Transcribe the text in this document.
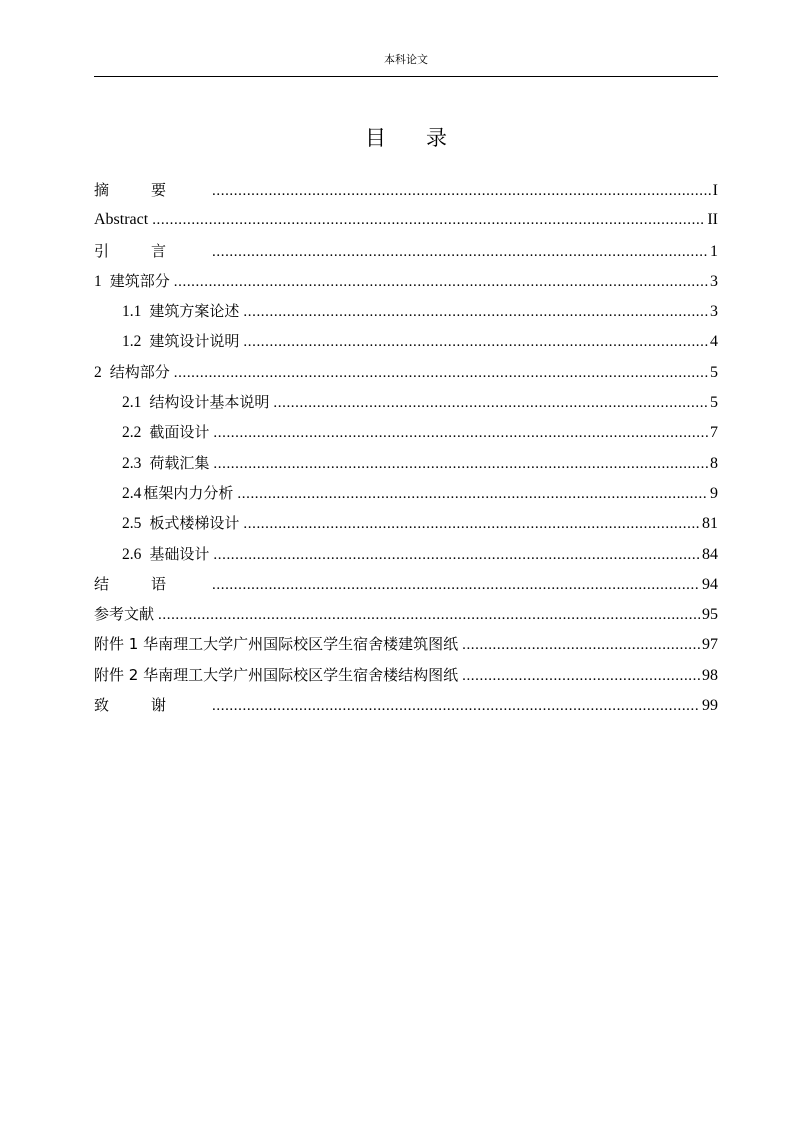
本科论文
目录
摘要 .....	I
Abstract .....	II
引言 .....	1
1 建筑部分 .....	3
1.1 建筑方案论述 .....	3
1.2 建筑设计说明 .....	4
2 结构部分 .....	5
2.1 结构设计基本说明 .....	5
2.2 截面设计 .....	7
2.3 荷载汇集 .....	8
2.4 框架内力分析 .....	9
2.5 板式楼梯设计 .....	81
2.6 基础设计 .....	84
结语 .....	94
参考文献 .....	95
附件 1 华南理工大学广州国际校区学生宿舍楼建筑图纸 .....	97
附件 2 华南理工大学广州国际校区学生宿舍楼结构图纸 .....	98
致谢 .....	99
